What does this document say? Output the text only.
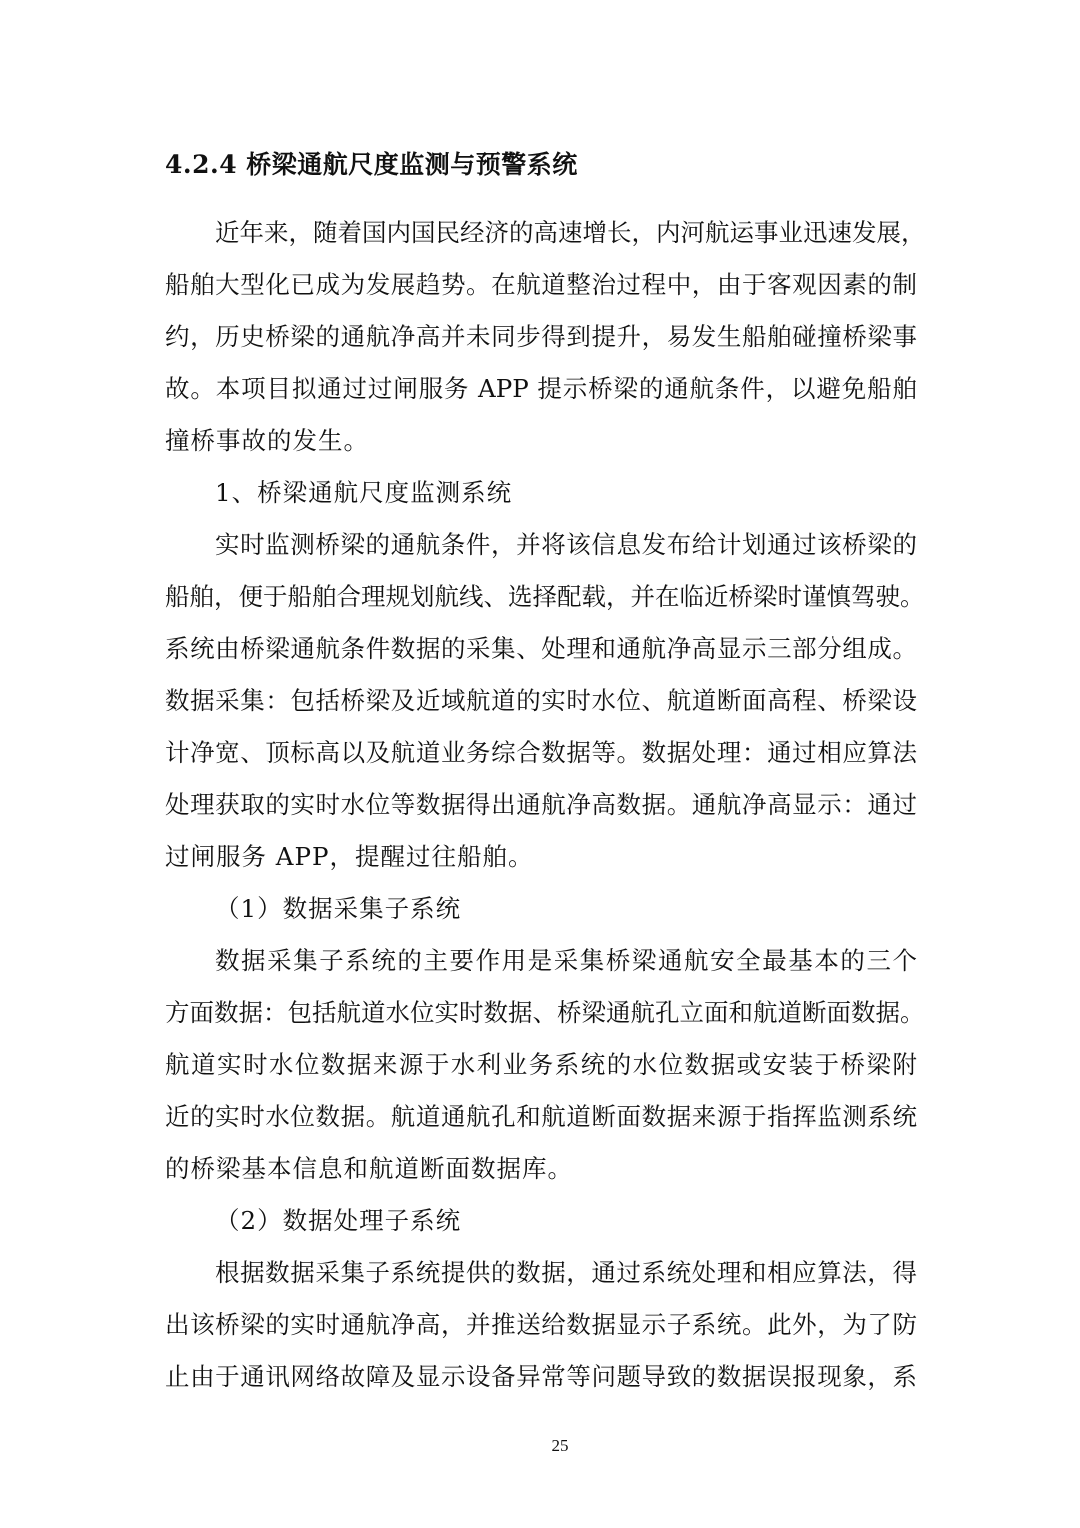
4.2.4 桥梁通航尺度监测与预警系统
近年来，随着国内国民经济的高速增长，内河航运事业迅速发展，
船舶大型化已成为发展趋势。在航道整治过程中，由于客观因素的制
约，历史桥梁的通航净高并未同步得到提升，易发生船舶碰撞桥梁事
故。本项目拟通过过闸服务 APP 提示桥梁的通航条件，以避免船舶
撞桥事故的发生。
1、桥梁通航尺度监测系统
实时监测桥梁的通航条件，并将该信息发布给计划通过该桥梁的
船舶，便于船舶合理规划航线、选择配载，并在临近桥梁时谨慎驾驶。
系统由桥梁通航条件数据的采集、处理和通航净高显示三部分组成。
数据采集：包括桥梁及近域航道的实时水位、航道断面高程、桥梁设
计净宽、顶标高以及航道业务综合数据等。数据处理：通过相应算法
处理获取的实时水位等数据得出通航净高数据。通航净高显示：通过
过闸服务 APP，提醒过往船舶。
（1）数据采集子系统
数据采集子系统的主要作用是采集桥梁通航安全最基本的三个
方面数据：包括航道水位实时数据、桥梁通航孔立面和航道断面数据。
航道实时水位数据来源于水利业务系统的水位数据或安装于桥梁附
近的实时水位数据。航道通航孔和航道断面数据来源于指挥监测系统
的桥梁基本信息和航道断面数据库。
（2）数据处理子系统
根据数据采集子系统提供的数据，通过系统处理和相应算法，得
出该桥梁的实时通航净高，并推送给数据显示子系统。此外，为了防
止由于通讯网络故障及显示设备异常等问题导致的数据误报现象，系
25
